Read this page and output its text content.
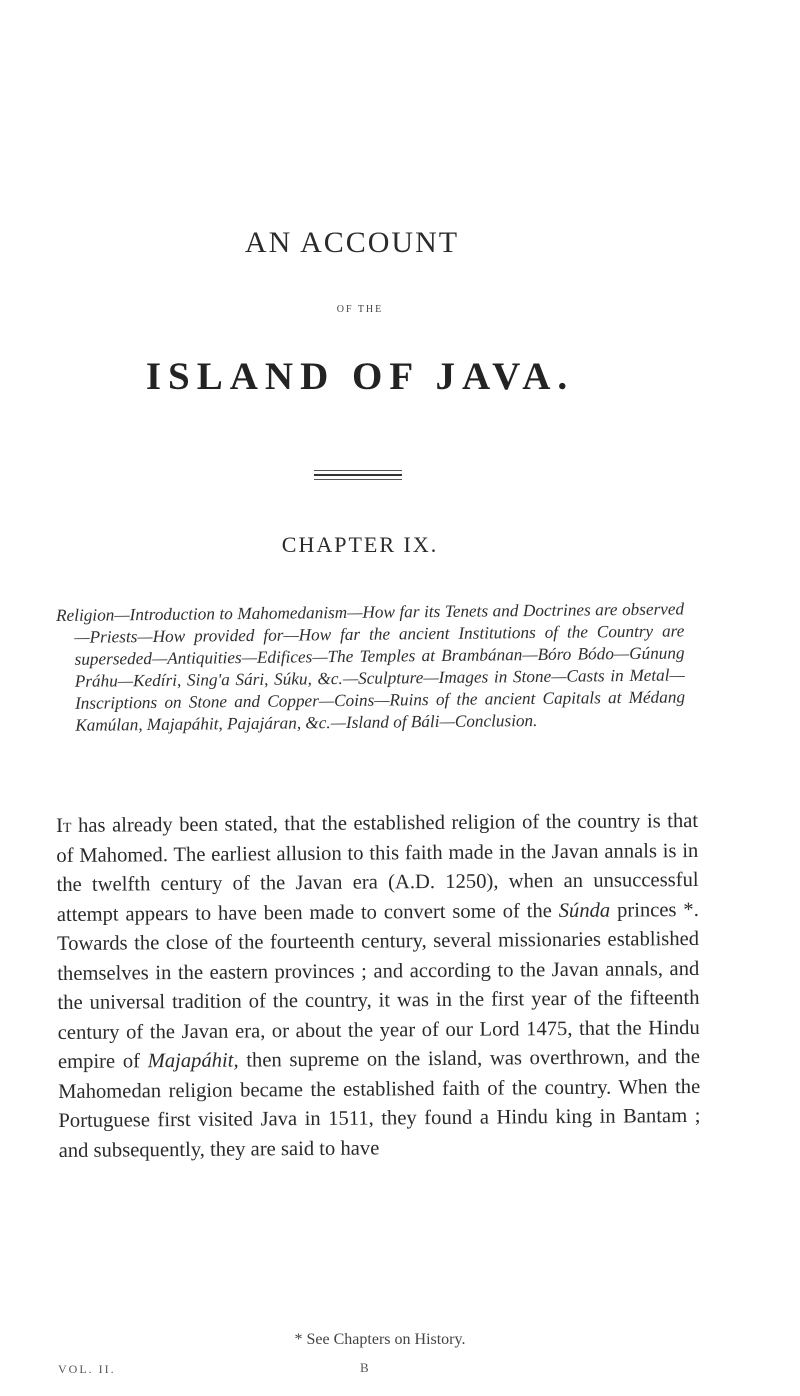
AN ACCOUNT
OF THE
ISLAND OF JAVA.
CHAPTER IX.
Religion—Introduction to Mahomedanism—How far its Tenets and Doctrines are observed—Priests—How provided for—How far the ancient Institutions of the Country are superseded—Antiquities—Edifices—The Temples at Brambánan—Bóro Bódo—Gúnung Práhu—Kedíri, Sing'a Sári, Súku, &c.—Sculpture—Images in Stone—Casts in Metal—Inscriptions on Stone and Copper—Coins—Ruins of the ancient Capitals at Médang Kamúlan, Majapáhit, Pajajáran, &c.—Island of Báli—Conclusion.
It has already been stated, that the established religion of the country is that of Mahomed. The earliest allusion to this faith made in the Javan annals is in the twelfth century of the Javan era (A.D. 1250), when an unsuccessful attempt appears to have been made to convert some of the Súnda princes *. Towards the close of the fourteenth century, several missionaries established themselves in the eastern provinces ; and according to the Javan annals, and the universal tradition of the country, it was in the first year of the fifteenth century of the Javan era, or about the year of our Lord 1475, that the Hindu empire of Majapáhit, then supreme on the island, was overthrown, and the Mahomedan religion became the established faith of the country. When the Portuguese first visited Java in 1511, they found a Hindu king in Bantam ; and subsequently, they are said to have
* See Chapters on History.
VOL. II.	B
